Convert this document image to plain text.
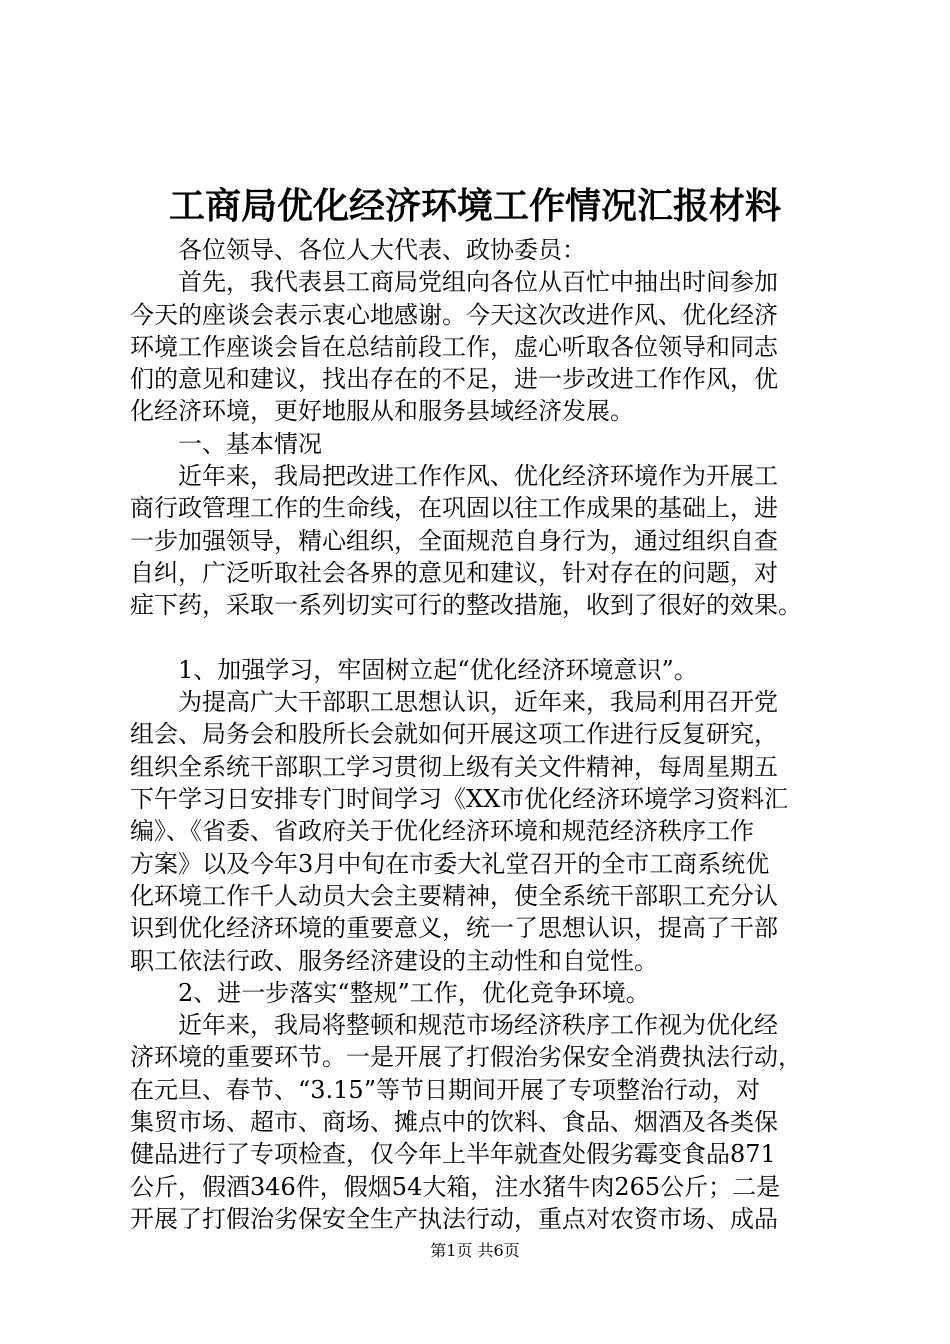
工商局优化经济环境工作情况汇报材料
各位领导、各位人大代表、政协委员：
首先，我代表县工商局党组向各位从百忙中抽出时间参加
今天的座谈会表示衷心地感谢。今天这次改进作风、优化经济
环境工作座谈会旨在总结前段工作，虚心听取各位领导和同志
们的意见和建议，找出存在的不足，进一步改进工作作风，优
化经济环境，更好地服从和服务县域经济发展。
一、基本情况
近年来，我局把改进工作作风、优化经济环境作为开展工
商行政管理工作的生命线，在巩固以往工作成果的基础上，进
一步加强领导，精心组织，全面规范自身行为，通过组织自查
自纠，广泛听取社会各界的意见和建议，针对存在的问题，对
症下药，采取一系列切实可行的整改措施，收到了很好的效果。
1、加强学习，牢固树立起“优化经济环境意识”。
为提高广大干部职工思想认识，近年来，我局利用召开党
组会、局务会和股所长会就如何开展这项工作进行反复研究，
组织全系统干部职工学习贯彻上级有关文件精神，每周星期五
下午学习日安排专门时间学习《XX市优化经济环境学习资料汇
编》、《省委、省政府关于优化经济环境和规范经济秩序工作
方案》以及今年3月中旬在市委大礼堂召开的全市工商系统优
化环境工作千人动员大会主要精神，使全系统干部职工充分认
识到优化经济环境的重要意义，统一了思想认识，提高了干部
职工依法行政、服务经济建设的主动性和自觉性。
2、进一步落实“整规”工作，优化竞争环境。
近年来，我局将整顿和规范市场经济秩序工作视为优化经
济环境的重要环节。一是开展了打假治劣保安全消费执法行动，
在元旦、春节、“3.15”等节日期间开展了专项整治行动，对
集贸市场、超市、商场、摊点中的饮料、食品、烟酒及各类保
健品进行了专项检查，仅今年上半年就查处假劣霉变食品871
公斤，假酒346件，假烟54大箱，注水猪牛肉265公斤；二是
开展了打假治劣保安全生产执法行动，重点对农资市场、成品
第1页 共6页
